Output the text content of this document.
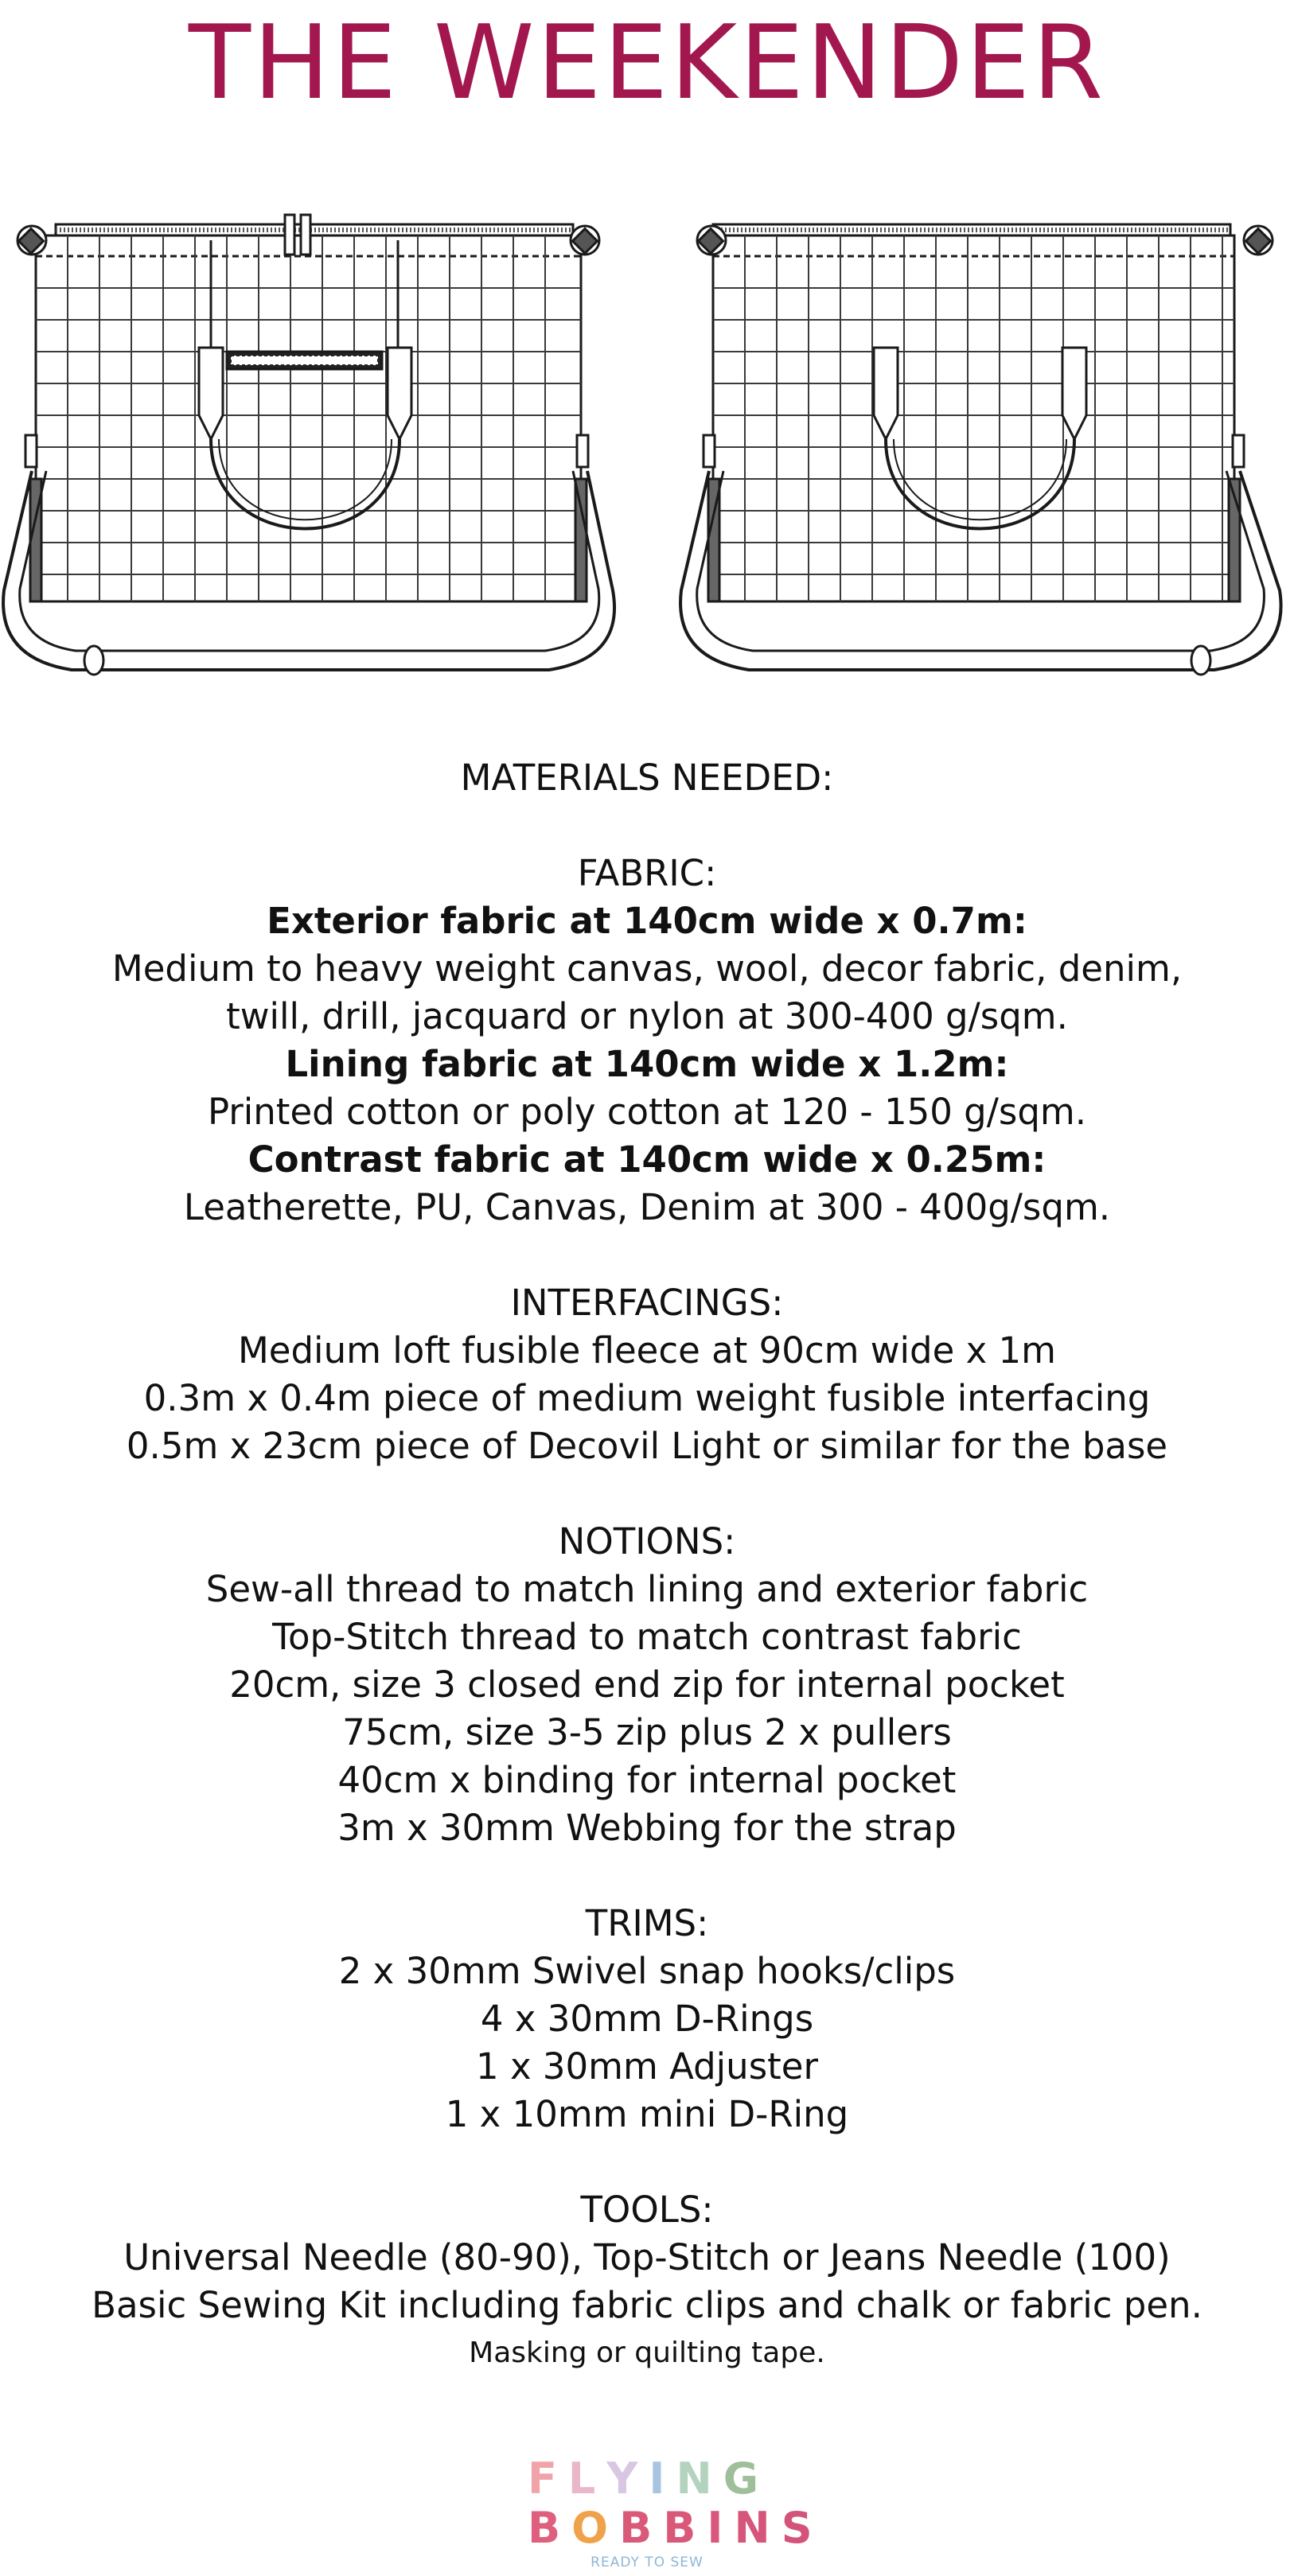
THE WEEKENDER
MATERIALS NEEDED:
FABRIC:
Exterior fabric at 140cm wide x 0.7m:
Medium to heavy weight canvas, wool, decor fabric, denim,
twill, drill, jacquard or nylon at 300-400 g/sqm.
Lining fabric at 140cm wide x 1.2m:
Printed cotton or poly cotton at 120 - 150 g/sqm.
Contrast fabric at 140cm wide x 0.25m:
Leatherette, PU, Canvas, Denim at 300 - 400g/sqm.
INTERFACINGS:
Medium loft fusible fleece at 90cm wide x 1m
0.3m x 0.4m piece of medium weight fusible interfacing
0.5m x 23cm piece of Decovil Light or similar for the base
NOTIONS:
Sew-all thread to match lining and exterior fabric
Top-Stitch thread to match contrast fabric
20cm, size 3 closed end zip for internal pocket
75cm, size 3-5 zip plus 2 x pullers
40cm x binding for internal pocket
3m x 30mm Webbing for the strap
TRIMS:
2 x 30mm Swivel snap hooks/clips
4 x 30mm D-Rings
1 x 30mm Adjuster
1 x 10mm mini D-Ring
TOOLS:
Universal Needle (80-90), Top-Stitch or Jeans Needle (100)
Basic Sewing Kit including fabric clips and chalk or fabric pen.
Masking or quilting tape.
FLYING
BOBBINS
READY TO SEW
